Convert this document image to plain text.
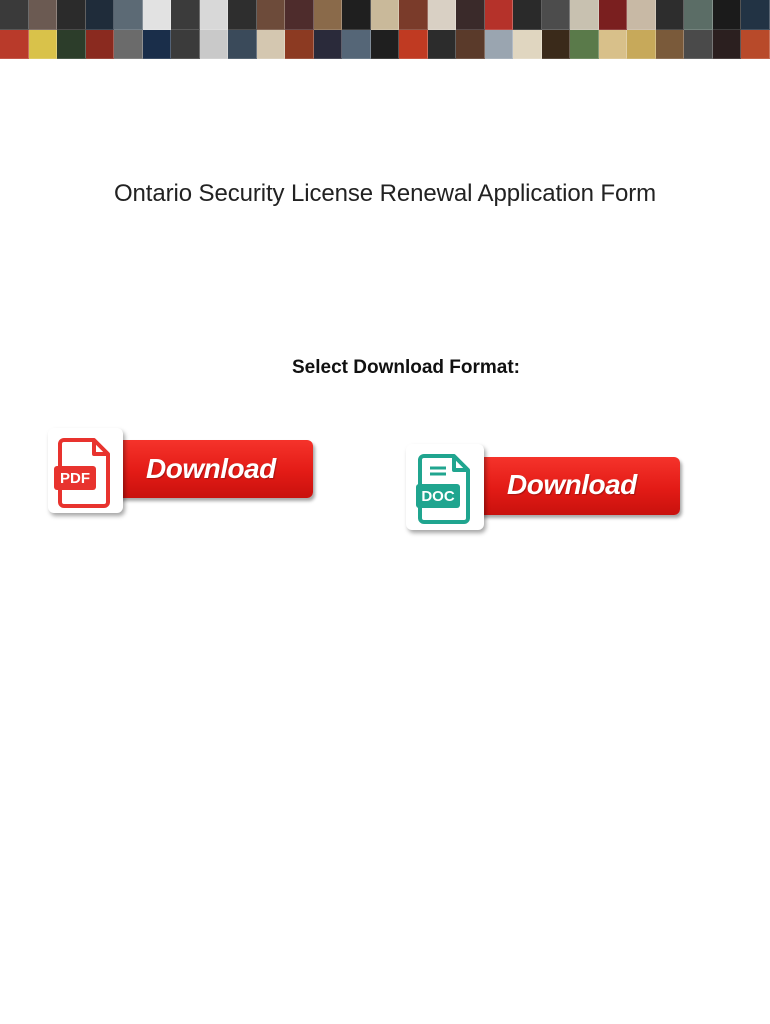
Ontario Security License Renewal Application Form
Select Download Format:
PDF Download
DOC Download
